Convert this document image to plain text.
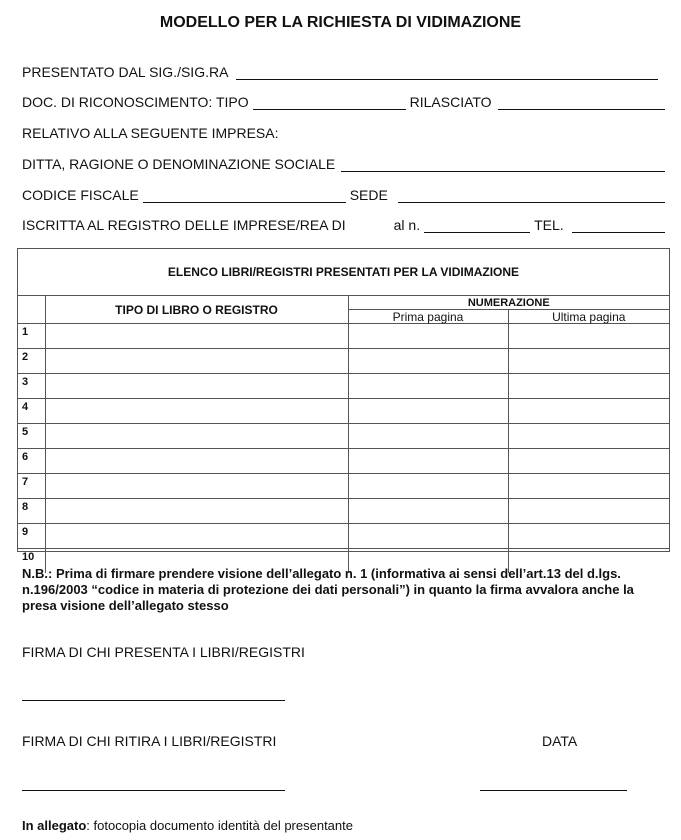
MODELLO PER LA RICHIESTA DI VIDIMAZIONE
PRESENTATO DAL SIG./SIG.RA
DOC. DI RICONOSCIMENTO: TIPO	RILASCIATO
RELATIVO ALLA SEGUENTE IMPRESA:
DITTA, RAGIONE O DENOMINAZIONE SOCIALE
CODICE FISCALE	SEDE
ISCRITTA AL REGISTRO DELLE IMPRESE/REA DI	al n.	TEL.
ELENCO LIBRI/REGISTRI PRESENTATI PER LA VIDIMAZIONE
	TIPO DI LIBRO O REGISTRO	NUMERAZIONE	
		Prima pagina	Ultima pagina
1			
2			
3			
4			
5			
6			
7			
8			
9			
10			
N.B.: Prima di firmare prendere visione dell’allegato n. 1 (informativa ai sensi dell’art.13 del d.lgs. n.196/2003 “codice in materia di protezione dei dati personali”) in quanto la firma avvalora anche la presa visione dell’allegato stesso
FIRMA DI CHI PRESENTA I LIBRI/REGISTRI
FIRMA DI CHI RITIRA I LIBRI/REGISTRI	DATA
In allegato: fotocopia documento identità del presentante
